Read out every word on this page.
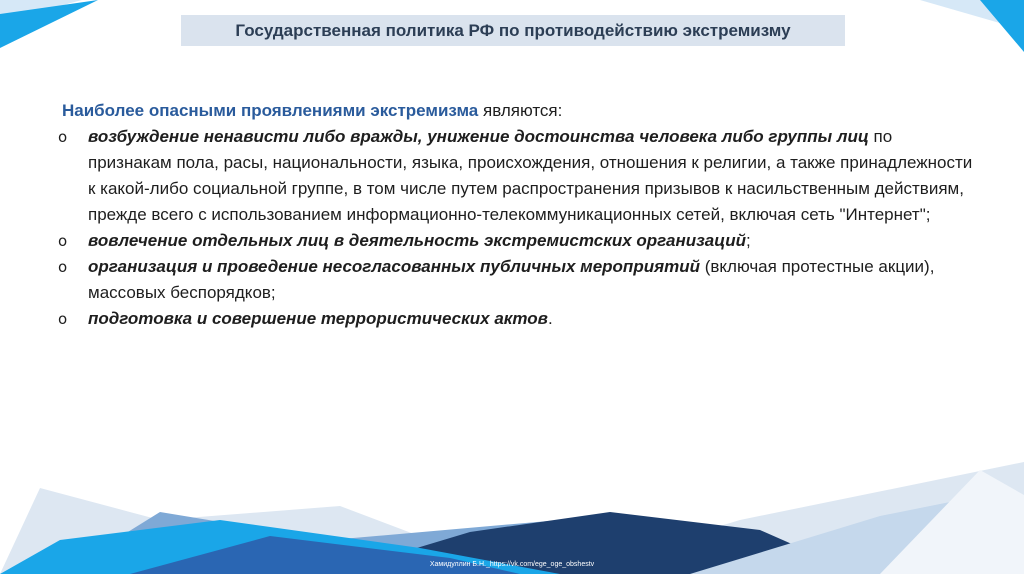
Государственная политика РФ по противодействию экстремизму
Наиболее опасными проявлениями экстремизма являются:
o возбуждение ненависти либо вражды, унижение достоинства человека либо группы лиц по признакам пола, расы, национальности, языка, происхождения, отношения к религии, а также принадлежности к какой-либо социальной группе, в том числе путем распространения призывов к насильственным действиям, прежде всего с использованием информационно-телекоммуникационных сетей, включая сеть "Интернет";
o вовлечение отдельных лиц в деятельность экстремистских организаций;
o организация и проведение несогласованных публичных мероприятий (включая протестные акции), массовых беспорядков;
o подготовка и совершение террористических актов.
Хамидуллин Б.Н._https://vk.com/ege_oge_obshestv
